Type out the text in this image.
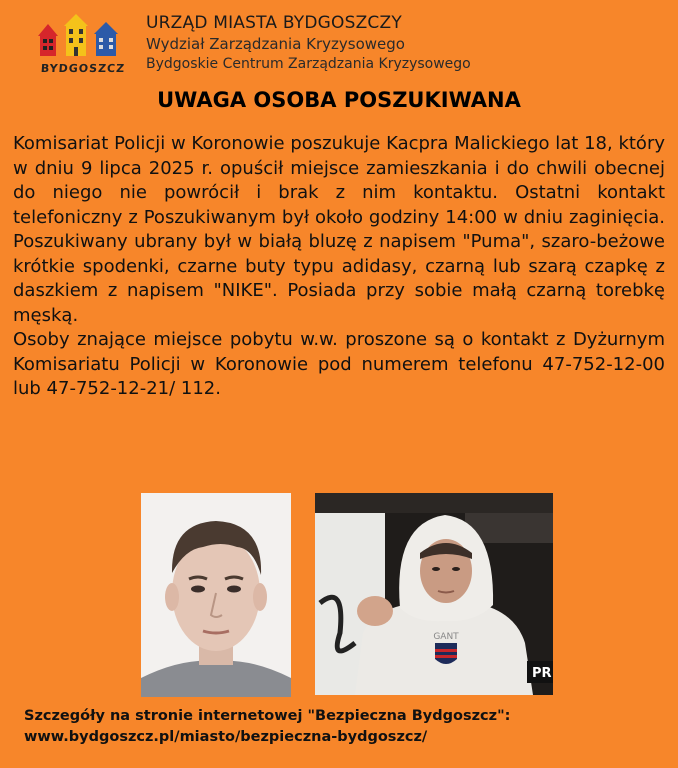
BYDGOSZCZ
URZĄD MIASTA BYDGOSZCZY
Wydział Zarządzania Kryzysowego
Bydgoskie Centrum Zarządzania Kryzysowego
UWAGA OSOBA POSZUKIWANA

Komisariat Policji w Koronowie poszukuje Kacpra Malickiego lat 18, który w dniu 9 lipca 2025 r. opuścił miejsce zamieszkania i do chwili obecnej do niego nie powrócił i brak z nim kontaktu. Ostatni kontakt telefoniczny z Poszukiwanym był około godziny 14:00 w dniu zaginięcia. Poszukiwany ubrany był w białą bluzę z napisem "Puma", szaro-beżowe krótkie spodenki, czarne buty typu adidasy, czarną lub szarą czapkę z daszkiem z napisem "NIKE". Posiada przy sobie małą czarną torebkę męską.

Osoby znające miejsce pobytu w.w. proszone są o kontakt z Dyżurnym Komisariatu Policji w Koronowie pod numerem telefonu 47-752-12-00 lub 47-752-12-21/ 112.

GANT
PR
Szczegóły na stronie internetowej "Bezpieczna Bydgoszcz":
www.bydgoszcz.pl/miasto/bezpieczna-bydgoszcz/
